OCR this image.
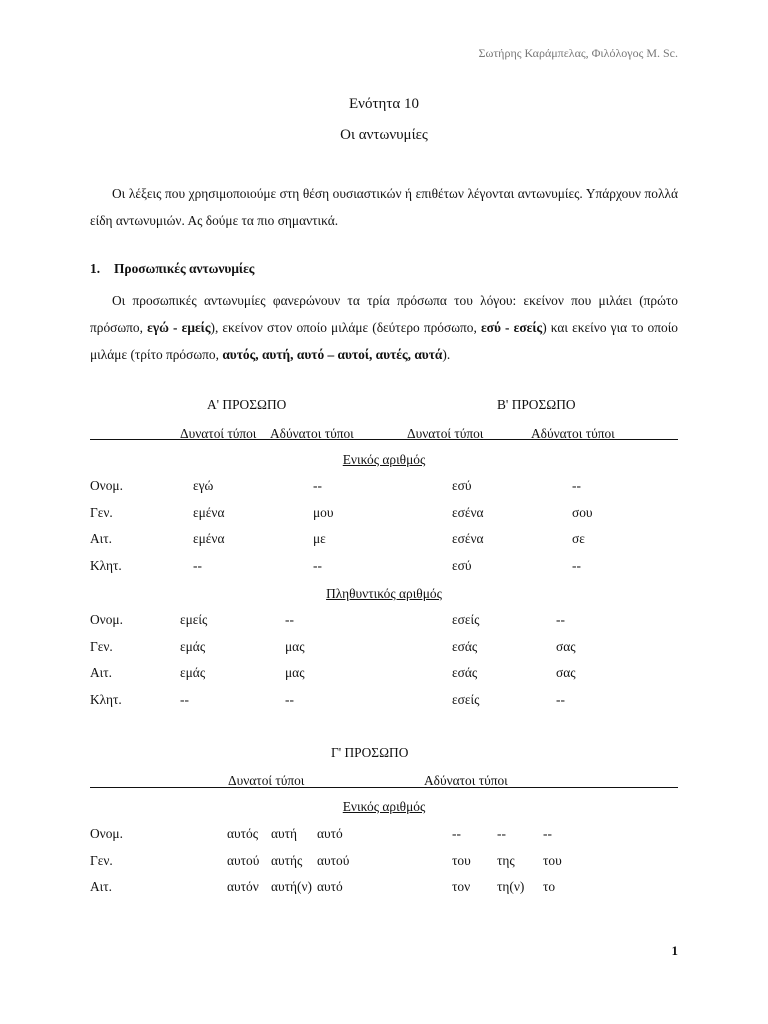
Σωτήρης Καράμπελας, Φιλόλογος M. Sc.
Ενότητα 10
Οι αντωνυμίες
Οι λέξεις που χρησιμοποιούμε στη θέση ουσιαστικών ή επιθέτων λέγονται αντωνυμίες. Υπάρχουν πολλά είδη αντωνυμιών. Ας δούμε τα πιο σημαντικά.
1. Προσωπικές αντωνυμίες
Οι προσωπικές αντωνυμίες φανερώνουν τα τρία πρόσωπα του λόγου: εκείνον που μιλάει (πρώτο πρόσωπο, εγώ - εμείς), εκείνον στον οποίο μιλάμε (δεύτερο πρόσωπο, εσύ - εσείς) και εκείνο για το οποίο μιλάμε (τρίτο πρόσωπο, αυτός, αυτή, αυτό – αυτοί, αυτές, αυτά).
Α' ΠΡΟΣΩΠΟ	Β' ΠΡΟΣΩΠΟ
Δυνατοί τύποι Αδύνατοι τύποι	Δυνατοί τύποι	Αδύνατοι τύποι
Ενικός αριθμός
Ονομ.	εγώ	--	εσύ	--
Γεν.	εμένα	μου	εσένα	σου
Αιτ.	εμένα	με	εσένα	σε
Κλητ.	--	--	εσύ	--
Πληθυντικός αριθμός
Ονομ.	εμείς	--	εσείς	--
Γεν.	εμάς	μας	εσάς	σας
Αιτ.	εμάς	μας	εσάς	σας
Κλητ.	--	--	εσείς	--
Γ' ΠΡΟΣΩΠΟ
Δυνατοί τύποι	Αδύνατοι τύποι
Ενικός αριθμός
Ονομ.	αυτός αυτή αυτό	--	--	--
Γεν.	αυτού αυτής αυτού	του της του
Αιτ.	αυτόν αυτή(ν) αυτό	τον τη(ν) το
1
